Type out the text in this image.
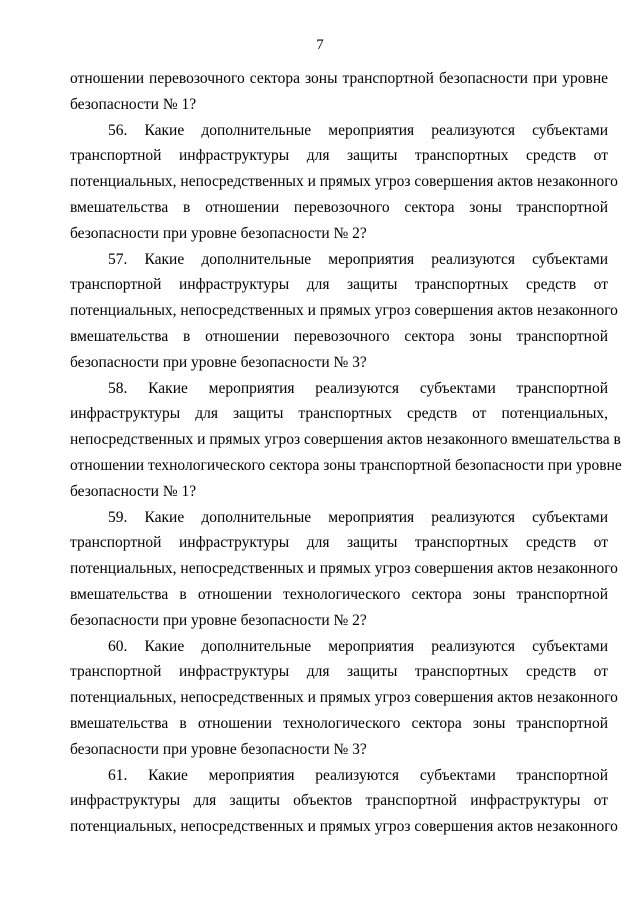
7
отношении перевозочного сектора зоны транспортной безопасности при уровне
безопасности № 1?
56. Какие дополнительные мероприятия реализуются субъектами
транспортной инфраструктуры для защиты транспортных средств от
потенциальных, непосредственных и прямых угроз совершения актов незаконного
вмешательства в отношении перевозочного сектора зоны транспортной
безопасности при уровне безопасности № 2?
57. Какие дополнительные мероприятия реализуются субъектами
транспортной инфраструктуры для защиты транспортных средств от
потенциальных, непосредственных и прямых угроз совершения актов незаконного
вмешательства в отношении перевозочного сектора зоны транспортной
безопасности при уровне безопасности № 3?
58. Какие мероприятия реализуются субъектами транспортной
инфраструктуры для защиты транспортных средств от потенциальных,
непосредственных и прямых угроз совершения актов незаконного вмешательства в
отношении технологического сектора зоны транспортной безопасности при уровне
безопасности № 1?
59. Какие дополнительные мероприятия реализуются субъектами
транспортной инфраструктуры для защиты транспортных средств от
потенциальных, непосредственных и прямых угроз совершения актов незаконного
вмешательства в отношении технологического сектора зоны транспортной
безопасности при уровне безопасности № 2?
60. Какие дополнительные мероприятия реализуются субъектами
транспортной инфраструктуры для защиты транспортных средств от
потенциальных, непосредственных и прямых угроз совершения актов незаконного
вмешательства в отношении технологического сектора зоны транспортной
безопасности при уровне безопасности № 3?
61. Какие мероприятия реализуются субъектами транспортной
инфраструктуры для защиты объектов транспортной инфраструктуры от
потенциальных, непосредственных и прямых угроз совершения актов незаконного
